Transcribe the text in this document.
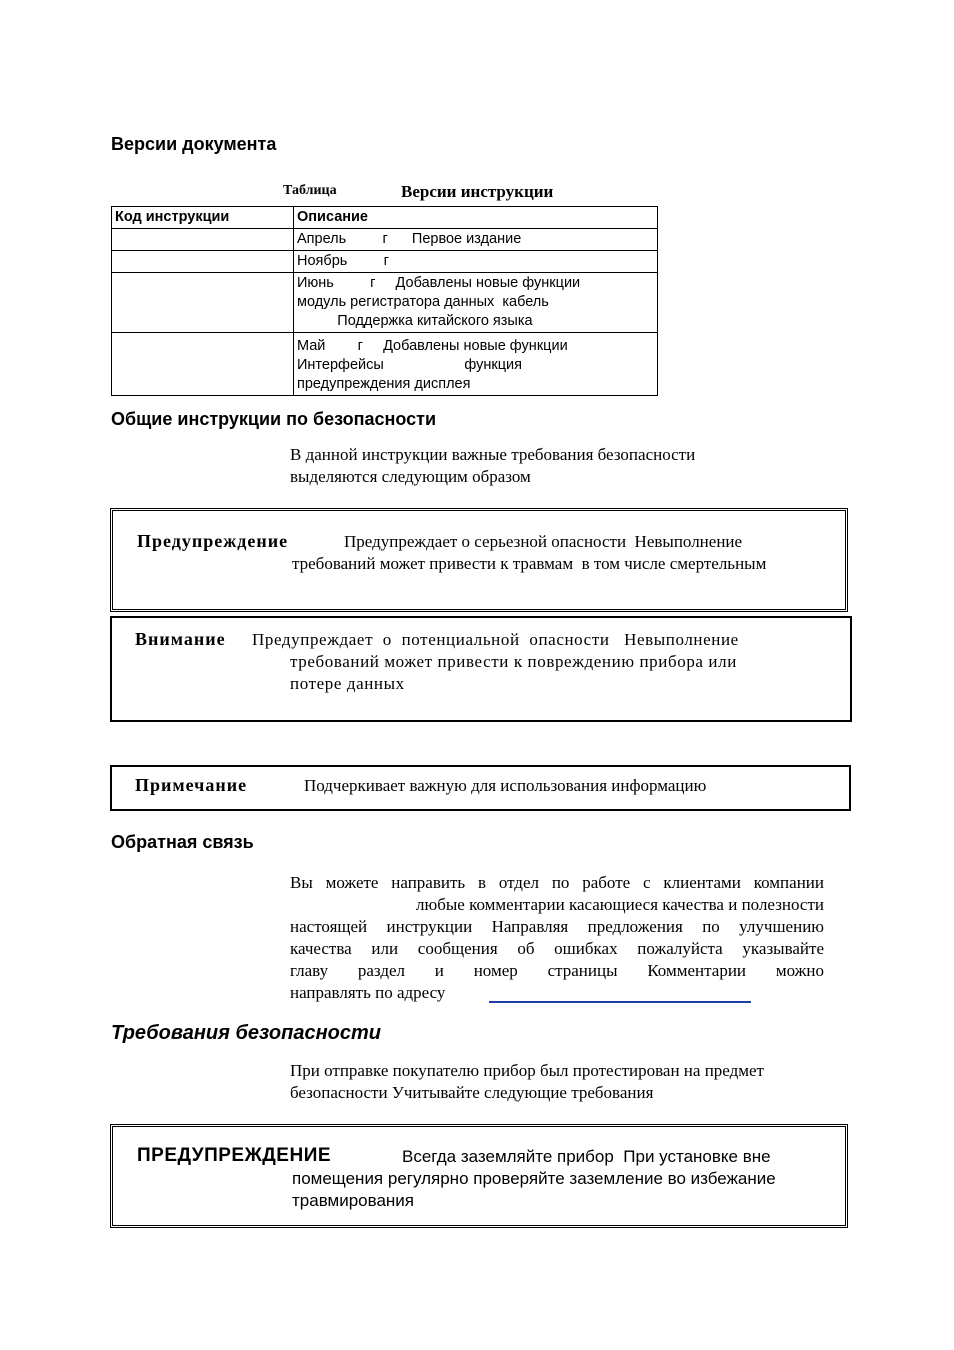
Версии документа
Таблица	Версии инструкции
Код инструкции	Описание

	Апрель         г      Первое издание

	Ноябрь         г

	Июнь         г     Добавлены новые функции
модуль регистратора данных  кабель
Поддержка китайского языка

	Май        г     Добавлены новые функции
Интерфейсы                    функция
предупреждения дисплея
Общие инструкции по безопасности
В данной инструкции важные требования безопасности
выделяются следующим образом
Предупреждение	Предупреждает о серьезной опасности  Невыполнение
требований может привести к травмам  в том числе смертельным
Внимание Предупреждает  о  потенциальной  опасности   Невыполнение
требований может привести к повреждению прибора или
потере данных
Примечание	Подчеркивает важную для использования информацию
Обратная связь
Вы можете направить в отдел по работе с клиентами компании
любые комментарии касающиеся качества и полезности
настоящей инструкции Направляя предложения по улучшению
качества или сообщения об ошибках пожалуйста указывайте
главу раздел и номер страницы Комментарии можно
направлять по адресу
Требования безопасности
При отправке покупателю прибор был протестирован на предмет
безопасности Учитывайте следующие требования
ПРЕДУПРЕЖДЕНИЕ	Всегда заземляйте прибор  При установке вне
помещения регулярно проверяйте заземление во избежание
травмирования
